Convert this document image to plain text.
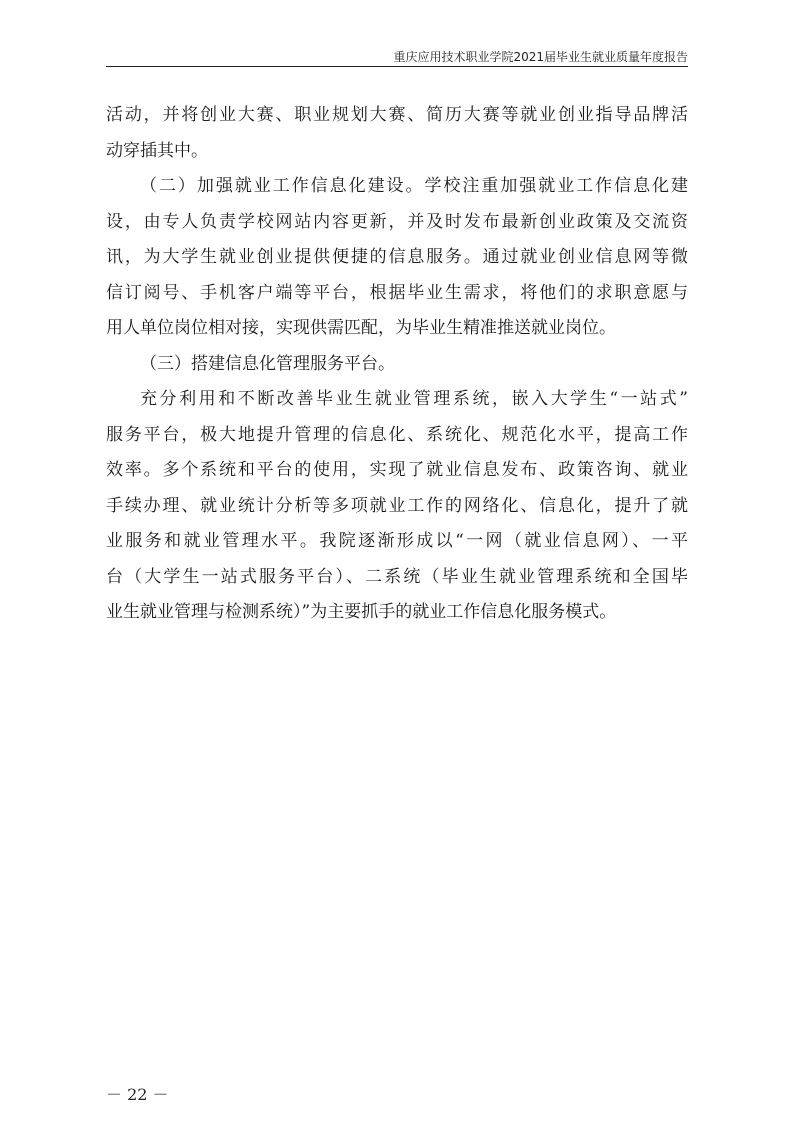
重庆应用技术职业学院2021届毕业生就业质量年度报告
活动，并将创业大赛、职业规划大赛、简历大赛等就业创业指导品牌活
动穿插其中。
（二）加强就业工作信息化建设。学校注重加强就业工作信息化建
设，由专人负责学校网站内容更新，并及时发布最新创业政策及交流资
讯，为大学生就业创业提供便捷的信息服务。通过就业创业信息网等微
信订阅号、手机客户端等平台，根据毕业生需求，将他们的求职意愿与
用人单位岗位相对接，实现供需匹配，为毕业生精准推送就业岗位。
（三）搭建信息化管理服务平台。
充分利用和不断改善毕业生就业管理系统，嵌入大学生“一站式”
服务平台，极大地提升管理的信息化、系统化、规范化水平，提高工作
效率。多个系统和平台的使用，实现了就业信息发布、政策咨询、就业
手续办理、就业统计分析等多项就业工作的网络化、信息化，提升了就
业服务和就业管理水平。我院逐渐形成以“一网（就业信息网）、一平
台（大学生一站式服务平台）、二系统（毕业生就业管理系统和全国毕
业生就业管理与检测系统）”为主要抓手的就业工作信息化服务模式。
－ 22 －
